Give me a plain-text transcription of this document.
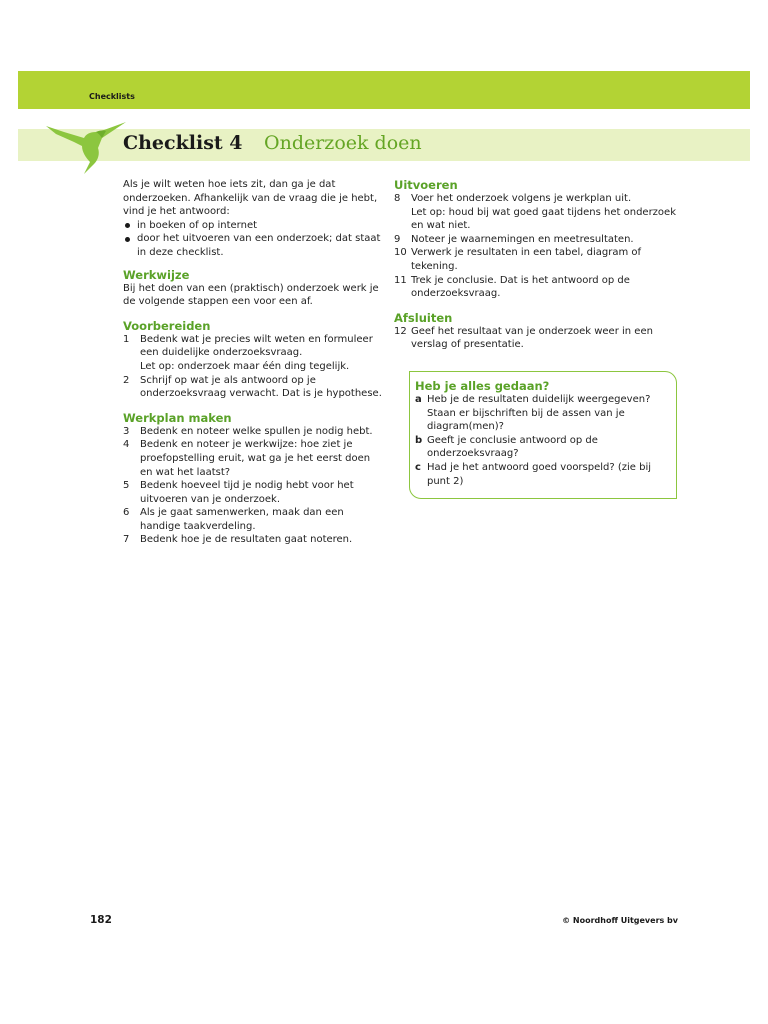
Checklists
Checklist 4 Onderzoek doen

Als je wilt weten hoe iets zit, dan ga je dat onderzoeken. Afhankelijk van de vraag die je hebt, vind je het antwoord:

in boeken of op internet
door het uitvoeren van een onderzoek; dat staat in deze checklist.
Werkwijze

Bij het doen van een (praktisch) onderzoek werk je de volgende stappen een voor een af.

Voorbereiden
1	Bedenk wat je precies wilt weten en formuleer een duidelijke onderzoeksvraag.
Let op: onderzoek maar één ding tegelijk.
2	Schrijf op wat je als antwoord op je onderzoeksvraag verwacht. Dat is je hypothese.
Werkplan maken
3	Bedenk en noteer welke spullen je nodig hebt.
4	Bedenk en noteer je werkwijze: hoe ziet je proefopstelling eruit, wat ga je het eerst doen en wat het laatst?
5	Bedenk hoeveel tijd je nodig hebt voor het uitvoeren van je onderzoek.
6	Als je gaat samenwerken, maak dan een handige taakverdeling.
7	Bedenk hoe je de resultaten gaat noteren.
Uitvoeren
8	Voer het onderzoek volgens je werkplan uit.
Let op: houd bij wat goed gaat tijdens het onderzoek en wat niet.
9	Noteer je waarnemingen en meetresultaten.
10 Verwerk je resultaten in een tabel, diagram of tekening.
11 Trek je conclusie. Dat is het antwoord op de onderzoeksvraag.
Afsluiten
12 Geef het resultaat van je onderzoek weer in een verslag of presentatie.
Heb je alles gedaan?
a Heb je de resultaten duidelijk weergegeven? Staan er bijschriften bij de assen van je diagram(men)?
b Geeft je conclusie antwoord op de onderzoeksvraag?
c Had je het antwoord goed voorspeld? (zie bij punt 2)
182	© Noordhoff Uitgevers bv
